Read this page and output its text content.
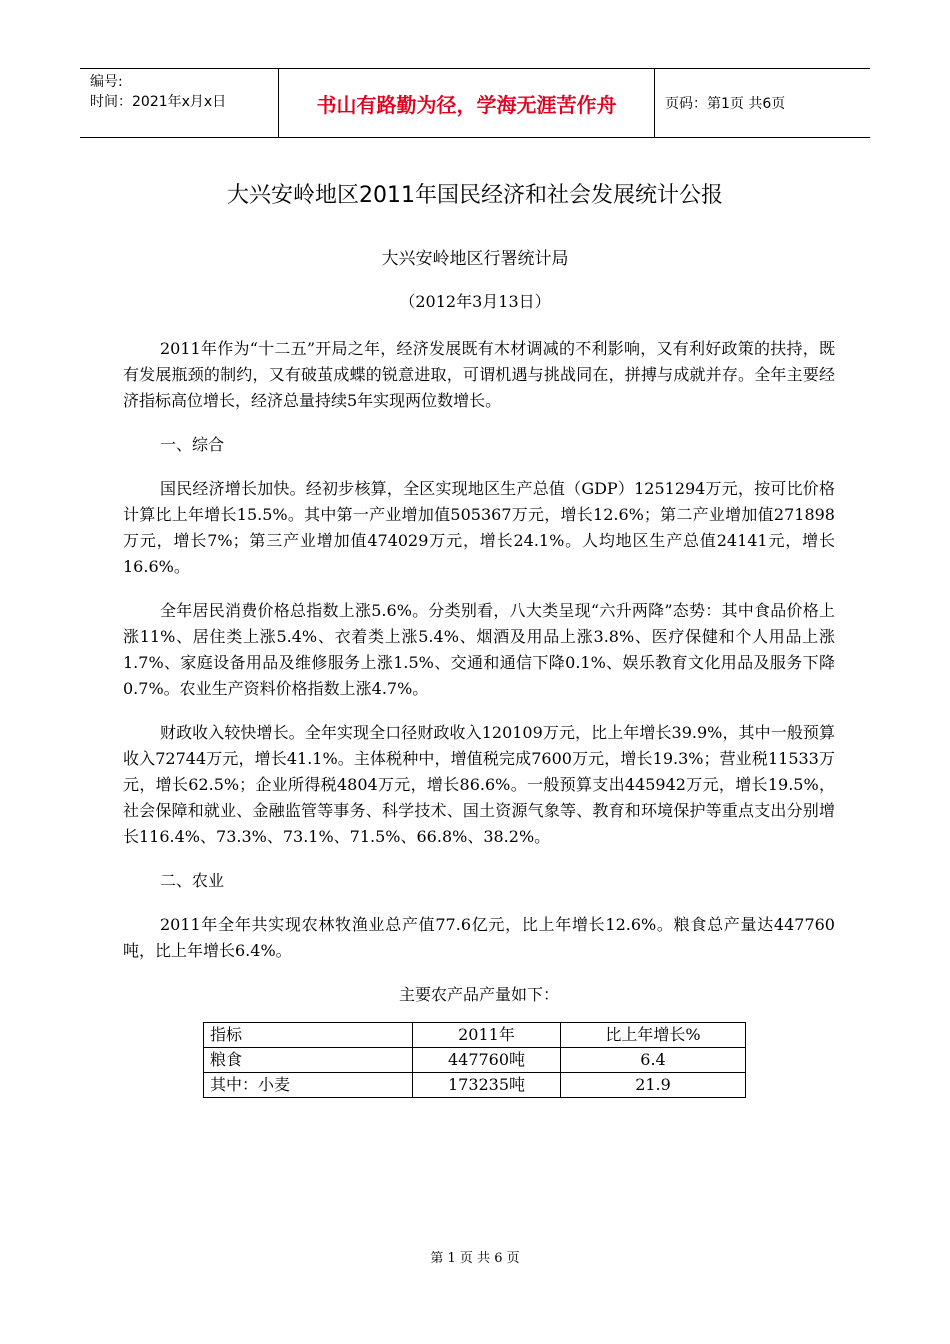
编号:
时间：2021年x月x日	书山有路勤为径，学海无涯苦作舟	页码：第1页 共6页
大兴安岭地区2011年国民经济和社会发展统计公报
大兴安岭地区行署统计局
（2012年3月13日）

2011年作为“十二五”开局之年，经济发展既有木材调减的不利影响，又有利好政策的扶持，既有发展瓶颈的制约，又有破茧成蝶的锐意进取，可谓机遇与挑战同在，拼搏与成就并存。全年主要经济指标高位增长，经济总量持续5年实现两位数增长。

一、综合

国民经济增长加快。经初步核算，全区实现地区生产总值（GDP）1251294万元，按可比价格计算比上年增长15.5%。其中第一产业增加值505367万元，增长12.6%；第二产业增加值271898万元，增长7%；第三产业增加值474029万元，增长24.1%。人均地区生产总值24141元，增长16.6%。

全年居民消费价格总指数上涨5.6%。分类别看，八大类呈现“六升两降”态势：其中食品价格上涨11%、居住类上涨5.4%、衣着类上涨5.4%、烟酒及用品上涨3.8%、医疗保健和个人用品上涨1.7%、家庭设备用品及维修服务上涨1.5%、交通和通信下降0.1%、娱乐教育文化用品及服务下降0.7%。农业生产资料价格指数上涨4.7%。

财政收入较快增长。全年实现全口径财政收入120109万元，比上年增长39.9%，其中一般预算收入72744万元，增长41.1%。主体税种中，增值税完成7600万元，增长19.3%；营业税11533万元，增长62.5%；企业所得税4804万元，增长86.6%。一般预算支出445942万元，增长19.5%，社会保障和就业、金融监管等事务、科学技术、国土资源气象等、教育和环境保护等重点支出分别增长116.4%、73.3%、73.1%、71.5%、66.8%、38.2%。

二、农业

2011年全年共实现农林牧渔业总产值77.6亿元，比上年增长12.6%。粮食总产量达447760吨，比上年增长6.4%。

主要农产品产量如下：
指标	2011年	比上年增长%
粮食	447760吨	6.4
其中：小麦	173235吨	21.9
第 1 页 共 6 页
